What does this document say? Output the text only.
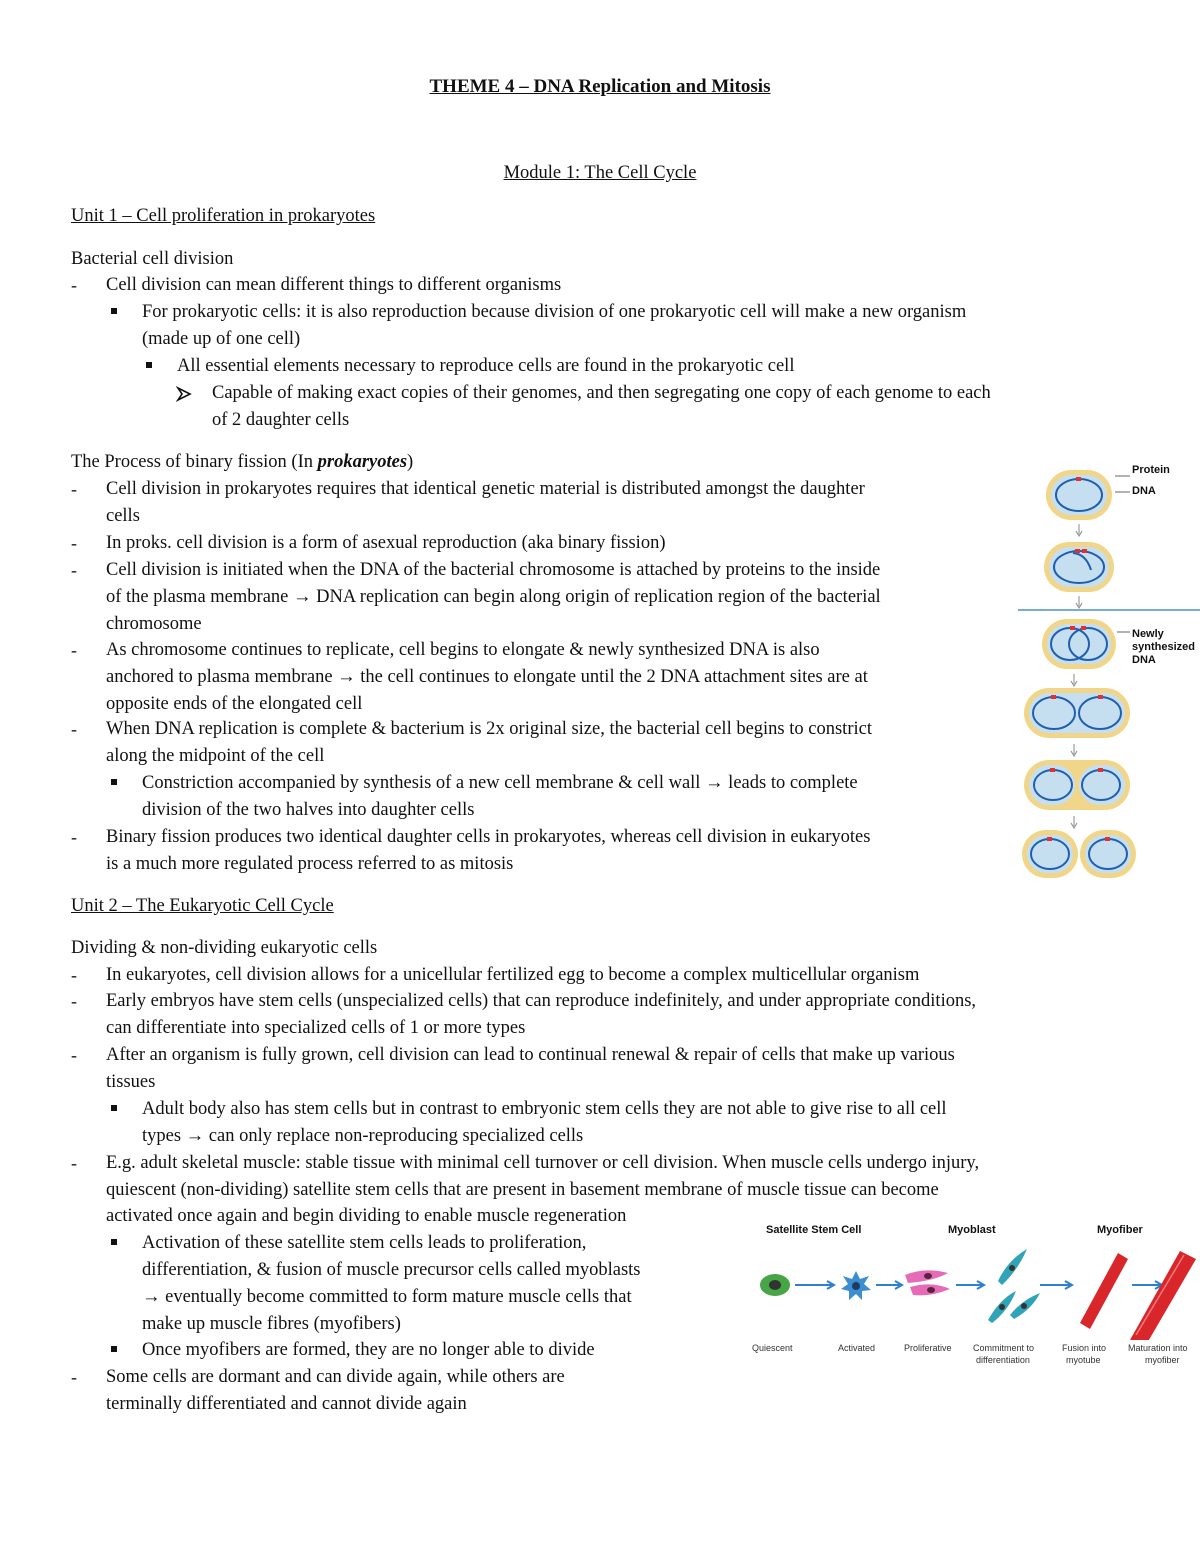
THEME 4 – DNA Replication and Mitosis
Module 1: The Cell Cycle
Unit 1 – Cell proliferation in prokaryotes
Bacterial cell division
- Cell division can mean different things to different organisms
For prokaryotic cells: it is also reproduction because division of one prokaryotic cell will make a new organism
(made up of one cell)
All essential elements necessary to reproduce cells are found in the prokaryotic cell
Capable of making exact copies of their genomes, and then segregating one copy of each genome to each
of 2 daughter cells
The Process of binary fission (In prokaryotes)
- Cell division in prokaryotes requires that identical genetic material is distributed amongst the daughter
cells
- In proks. cell division is a form of asexual reproduction (aka binary fission)
- Cell division is initiated when the DNA of the bacterial chromosome is attached by proteins to the inside
of the plasma membrane → DNA replication can begin along origin of replication region of the bacterial
chromosome
- As chromosome continues to replicate, cell begins to elongate & newly synthesized DNA is also
anchored to plasma membrane → the cell continues to elongate until the 2 DNA attachment sites are at
opposite ends of the elongated cell
- When DNA replication is complete & bacterium is 2x original size, the bacterial cell begins to constrict
along the midpoint of the cell
Constriction accompanied by synthesis of a new cell membrane & cell wall → leads to complete
division of the two halves into daughter cells
- Binary fission produces two identical daughter cells in prokaryotes, whereas cell division in eukaryotes
is a much more regulated process referred to as mitosis
Protein
DNA
Newly
synthesized
DNA
Unit 2 – The Eukaryotic Cell Cycle
Dividing & non-dividing eukaryotic cells
- In eukaryotes, cell division allows for a unicellular fertilized egg to become a complex multicellular organism
- Early embryos have stem cells (unspecialized cells) that can reproduce indefinitely, and under appropriate conditions,
can differentiate into specialized cells of 1 or more types
- After an organism is fully grown, cell division can lead to continual renewal & repair of cells that make up various
tissues
Adult body also has stem cells but in contrast to embryonic stem cells they are not able to give rise to all cell
types → can only replace non-reproducing specialized cells
- E.g. adult skeletal muscle: stable tissue with minimal cell turnover or cell division. When muscle cells undergo injury,
quiescent (non-dividing) satellite stem cells that are present in basement membrane of muscle tissue can become
activated once again and begin dividing to enable muscle regeneration
Activation of these satellite stem cells leads to proliferation,
differentiation, & fusion of muscle precursor cells called myoblasts
→ eventually become committed to form mature muscle cells that
make up muscle fibres (myofibers)
Once myofibers are formed, they are no longer able to divide
- Some cells are dormant and can divide again, while others are
terminally differentiated and cannot divide again
Satellite Stem Cell	Myoblast	Myofiber
Quiescent	Activated	Proliferative Commitment to
differentiation
Fusion into
myotube
Maturation into
myofiber
